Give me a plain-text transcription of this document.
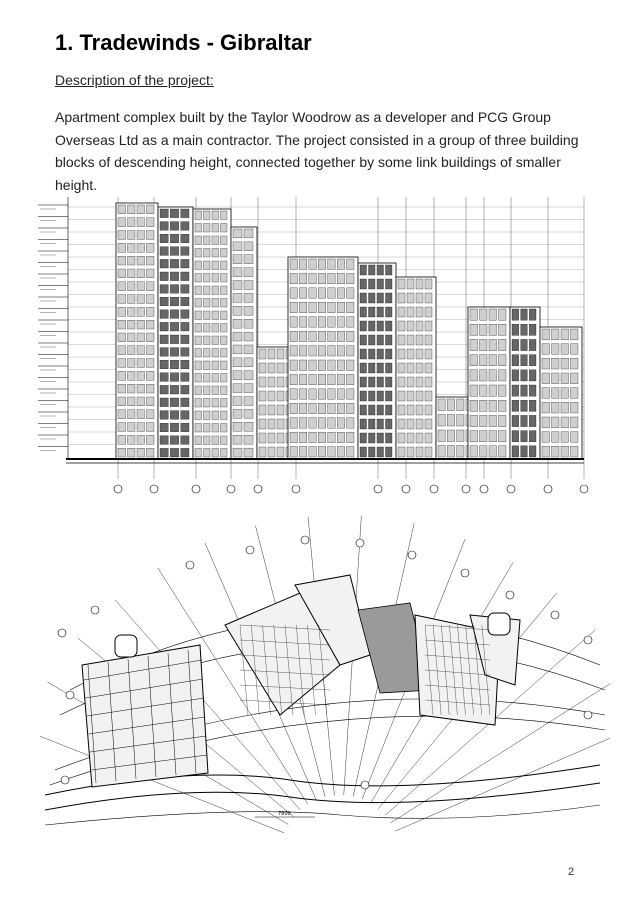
1. Tradewinds - Gibraltar
Description of the project:

Apartment complex built by the Taylor Woodrow as a developer and PCG Group Overseas Ltd as a main contractor. The project consisted in a group of three building blocks of descending height, connected together by some link buildings of smaller height.

7800
2
